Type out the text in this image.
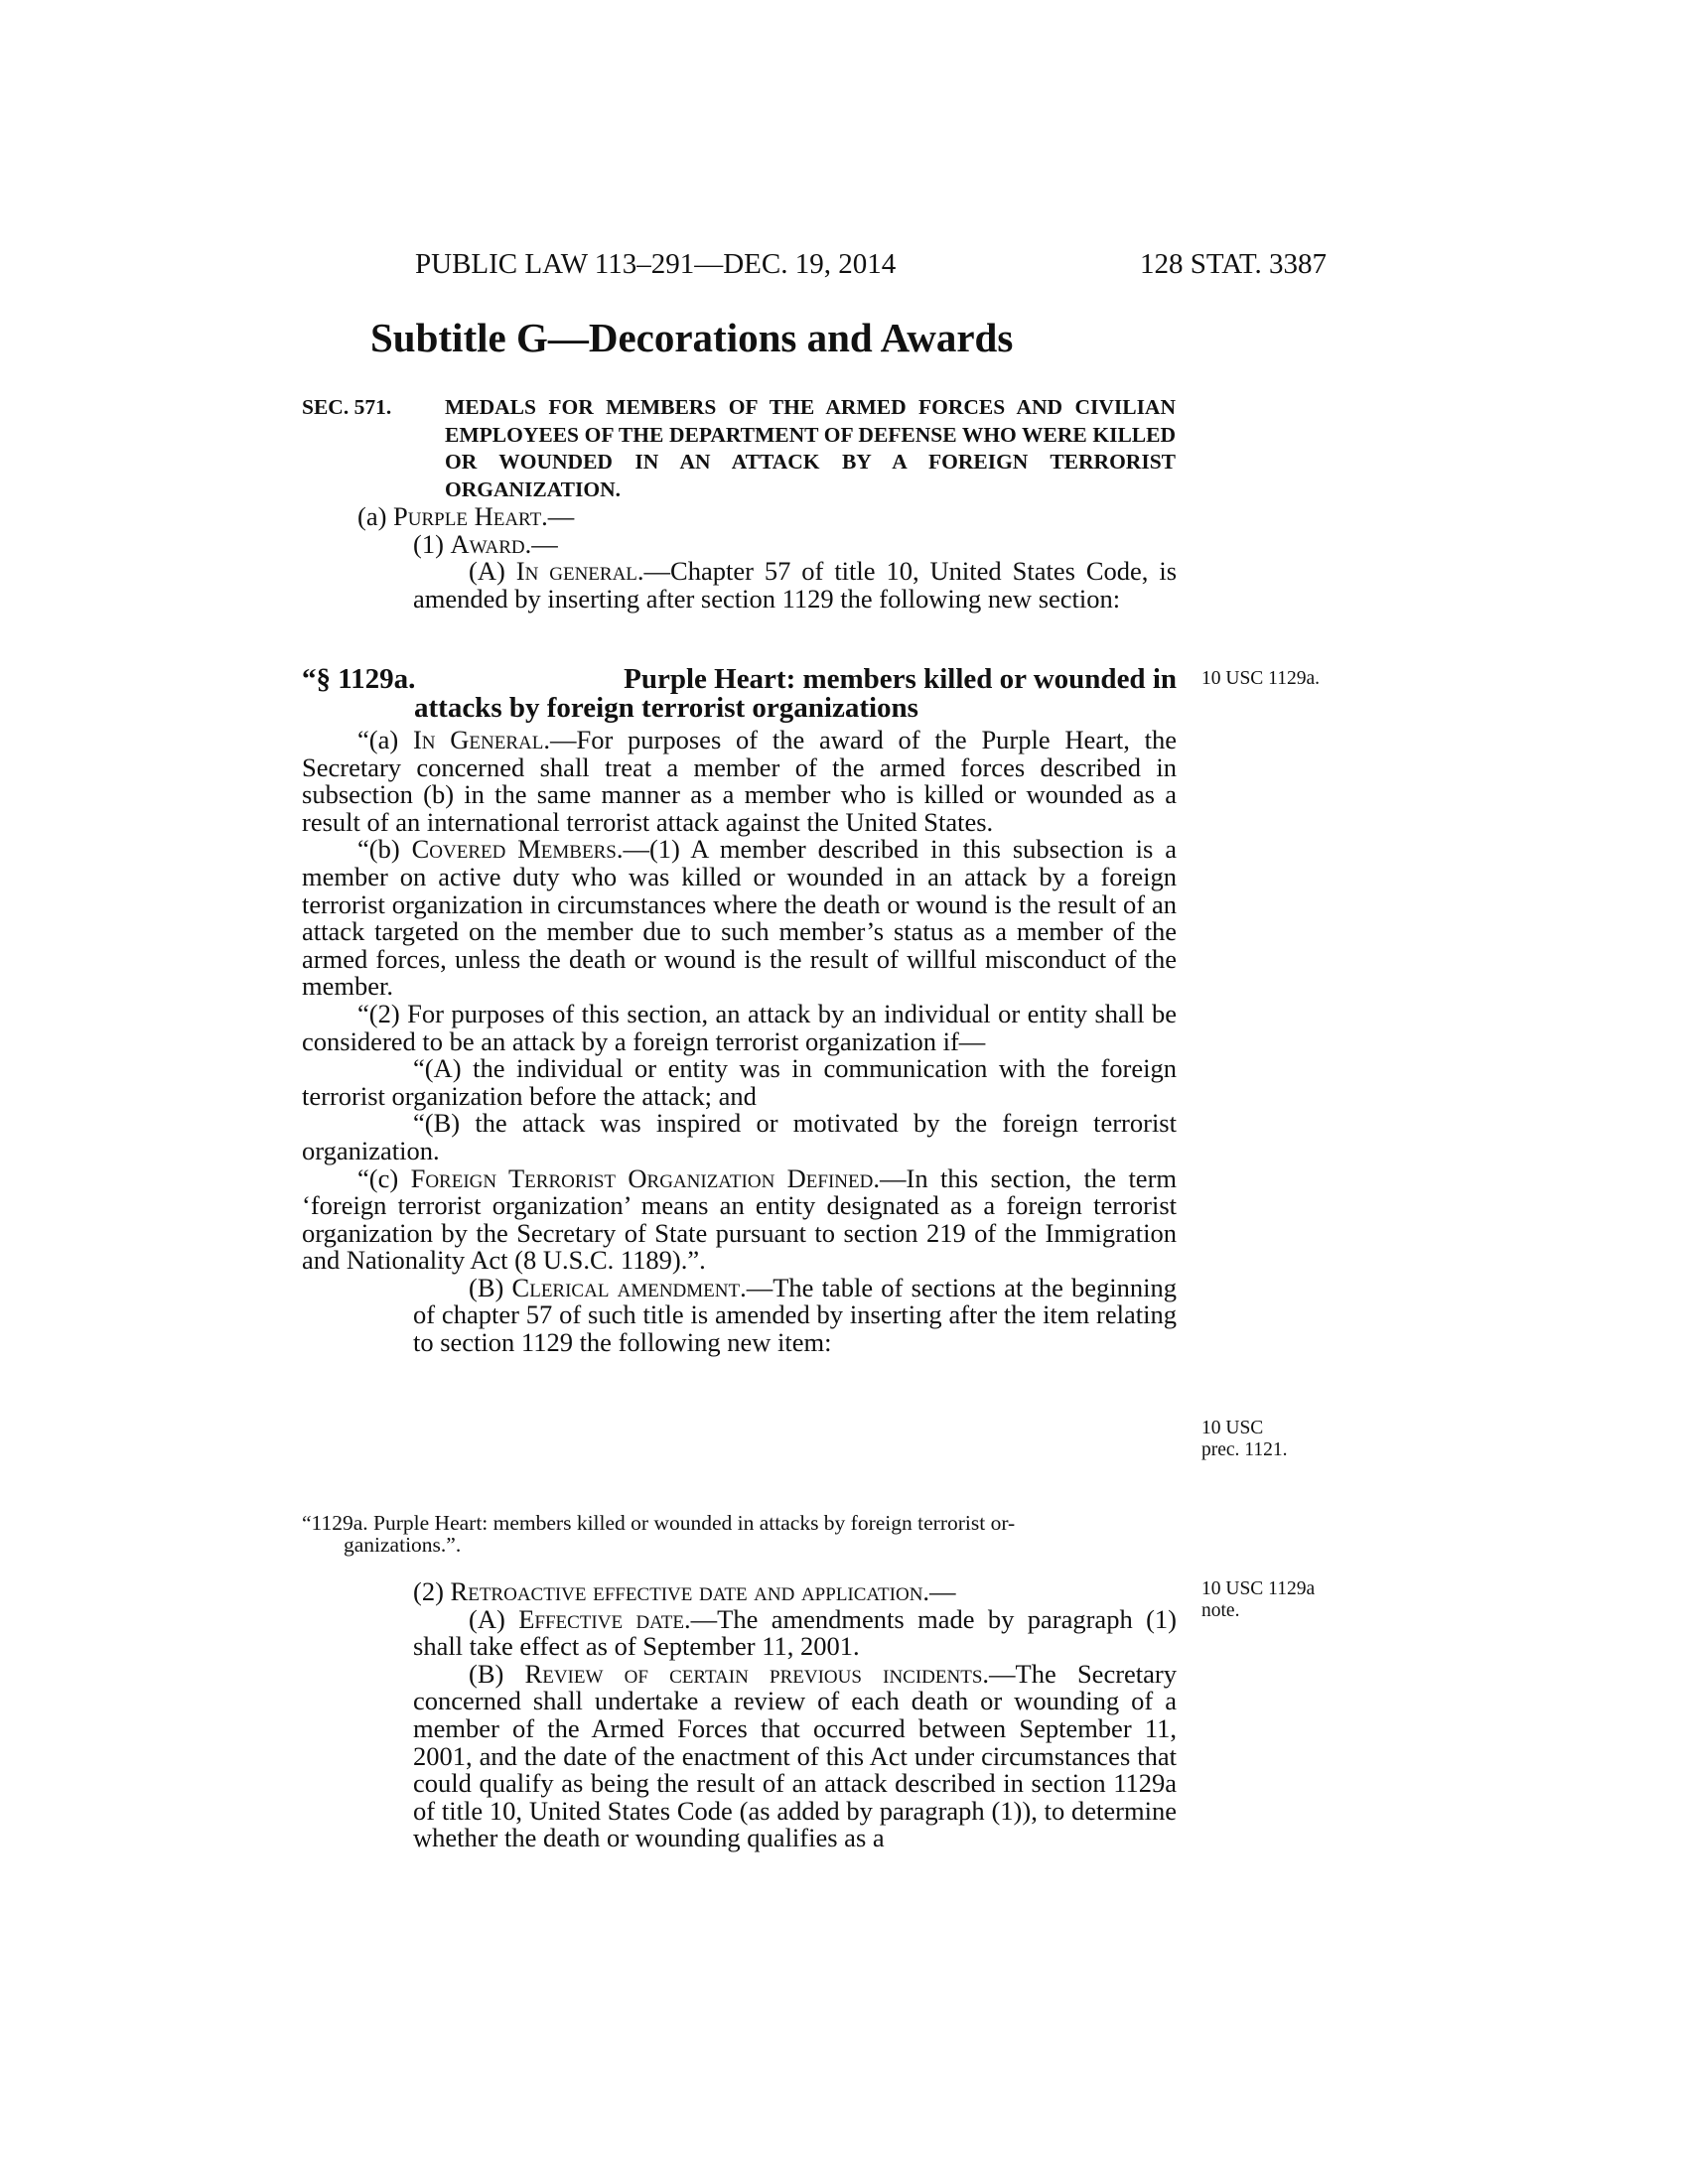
PUBLIC LAW 113–291—DEC. 19, 2014	128 STAT. 3387
Subtitle G—Decorations and Awards
SEC. 571.	MEDALS FOR MEMBERS OF THE ARMED FORCES AND CIVILIAN EMPLOYEES OF THE DEPARTMENT OF DEFENSE WHO WERE KILLED OR WOUNDED IN AN ATTACK BY A FOREIGN TERRORIST ORGANIZATION.

(a) Purple Heart.—

(1) Award.—

(A) In general.—Chapter 57 of title 10, United States Code, is amended by inserting after section 1129 the following new section:

“§ 1129a.	Purple Heart: members killed or wounded in
attacks by foreign terrorist organizations

“(a) In General.—For purposes of the award of the Purple Heart, the Secretary concerned shall treat a member of the armed forces described in subsection (b) in the same manner as a member who is killed or wounded as a result of an international terrorist attack against the United States.

“(b) Covered Members.—(1) A member described in this subsection is a member on active duty who was killed or wounded in an attack by a foreign terrorist organization in circumstances where the death or wound is the result of an attack targeted on the member due to such member’s status as a member of the armed forces, unless the death or wound is the result of willful misconduct of the member.

“(2) For purposes of this section, an attack by an individual or entity shall be considered to be an attack by a foreign terrorist organization if—

“(A) the individual or entity was in communication with the foreign terrorist organization before the attack; and

“(B) the attack was inspired or motivated by the foreign terrorist organization.

“(c) Foreign Terrorist Organization Defined.—In this section, the term ‘foreign terrorist organization’ means an entity designated as a foreign terrorist organization by the Secretary of State pursuant to section 219 of the Immigration and Nationality Act (8 U.S.C. 1189).”.

(B) Clerical amendment.—The table of sections at the beginning of chapter 57 of such title is amended by inserting after the item relating to section 1129 the following new item:

“1129a. Purple Heart: members killed or wounded in attacks by foreign terrorist or-
ganizations.”.

(2) Retroactive effective date and application.—

(A) Effective date.—The amendments made by paragraph (1) shall take effect as of September 11, 2001.

(B) Review of certain previous incidents.—The Secretary concerned shall undertake a review of each death or wounding of a member of the Armed Forces that occurred between September 11, 2001, and the date of the enactment of this Act under circumstances that could qualify as being the result of an attack described in section 1129a of title 10, United States Code (as added by paragraph (1)), to determine whether the death or wounding qualifies as a

10 USC 1129a.
10 USC
prec. 1121.
10 USC 1129a
note.
